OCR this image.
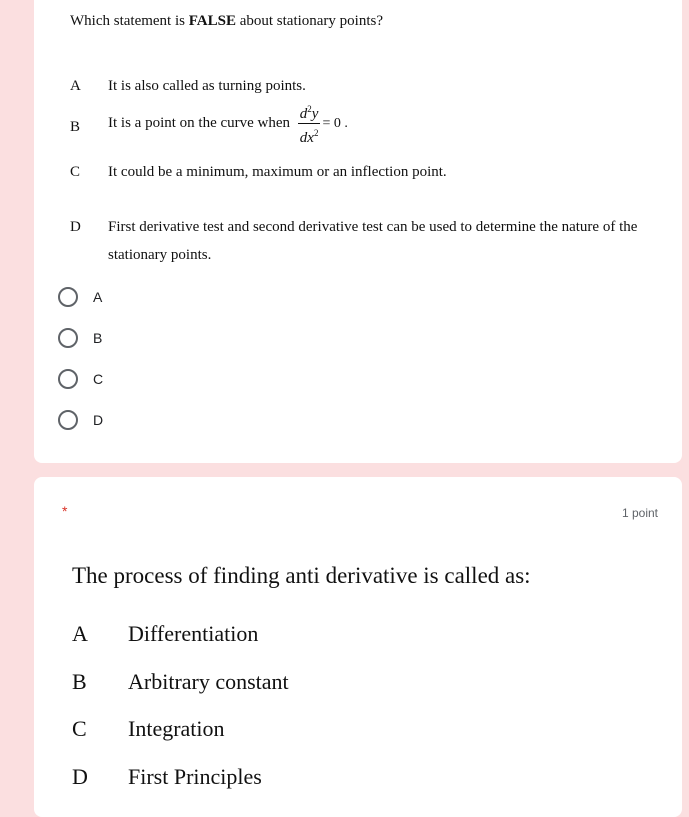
Which statement is FALSE about stationary points?
A It is also called as turning points.
B It is a point on the curve when $\frac{d^2y}{dx^2} = 0$ .
C It could be a minimum, maximum or an inflection point.
D First derivative test and second derivative test can be used to determine the nature of the stationary points.
A
B
C
D
*	1 point
The process of finding anti derivative is called as:
A	Differentiation
B	Arbitrary constant
C	Integration
D	First Principles
